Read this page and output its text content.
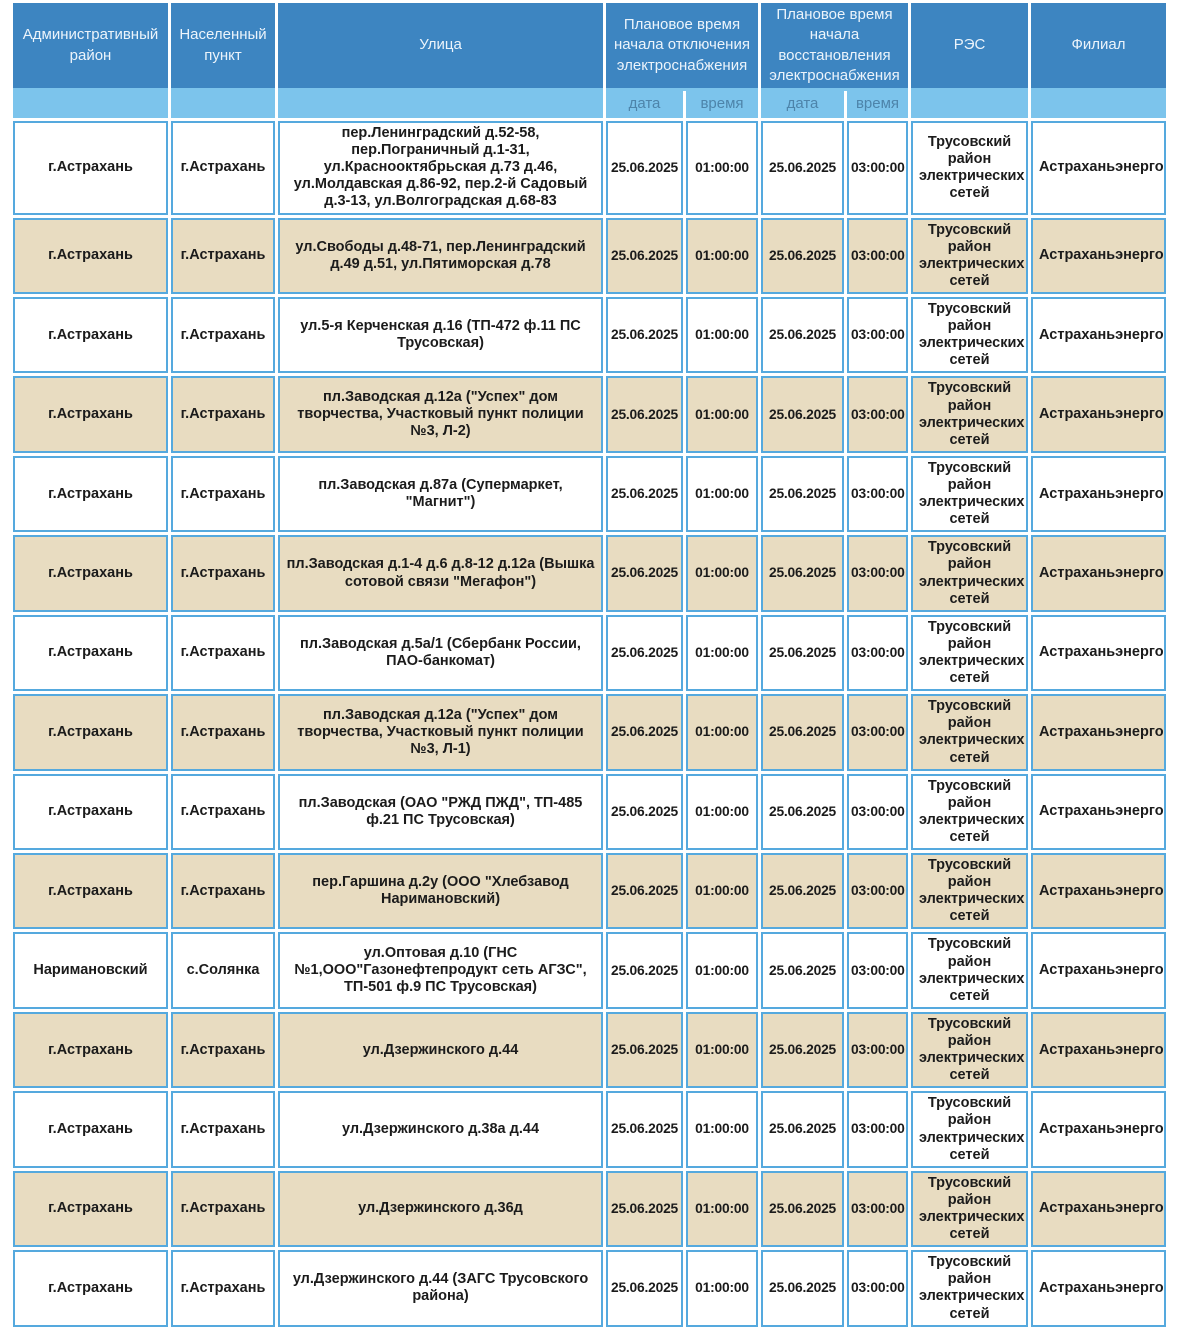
Административный район	Населенный пункт	Улица	Плановое время начала отключения электроснабжения		Плановое время начала восстановления электроснабжения		РЭС	Филиал
			дата	время	дата	время		
г.Астрахань	г.Астрахань	пер.Ленинградский д.52-58, пер.Пограничный д.1-31, ул.Краснооктябрьская д.73 д.46, ул.Молдавская д.86-92, пер.2-й Садовый д.3-13, ул.Волгоградская д.68-83	25.06.2025	01:00:00	25.06.2025	03:00:00	Трусовский район электрических сетей	Астраханьэнерго
г.Астрахань	г.Астрахань	ул.Свободы д.48-71, пер.Ленинградский д.49 д.51, ул.Пятиморская д.78	25.06.2025	01:00:00	25.06.2025	03:00:00	Трусовский район электрических сетей	Астраханьэнерго
г.Астрахань	г.Астрахань	ул.5-я Керченская д.16 (ТП-472 ф.11 ПС Трусовская)	25.06.2025	01:00:00	25.06.2025	03:00:00	Трусовский район электрических сетей	Астраханьэнерго
г.Астрахань	г.Астрахань	пл.Заводская д.12а ("Успех" дом творчества, Участковый пункт полиции №3, Л-2)	25.06.2025	01:00:00	25.06.2025	03:00:00	Трусовский район электрических сетей	Астраханьэнерго
г.Астрахань	г.Астрахань	пл.Заводская д.87а (Супермаркет, "Магнит")	25.06.2025	01:00:00	25.06.2025	03:00:00	Трусовский район электрических сетей	Астраханьэнерго
г.Астрахань	г.Астрахань	пл.Заводская д.1-4 д.6 д.8-12 д.12а (Вышка сотовой связи "Мегафон")	25.06.2025	01:00:00	25.06.2025	03:00:00	Трусовский район электрических сетей	Астраханьэнерго
г.Астрахань	г.Астрахань	пл.Заводская д.5а/1 (Сбербанк России, ПАО-банкомат)	25.06.2025	01:00:00	25.06.2025	03:00:00	Трусовский район электрических сетей	Астраханьэнерго
г.Астрахань	г.Астрахань	пл.Заводская д.12а ("Успех" дом творчества, Участковый пункт полиции №3, Л-1)	25.06.2025	01:00:00	25.06.2025	03:00:00	Трусовский район электрических сетей	Астраханьэнерго
г.Астрахань	г.Астрахань	пл.Заводская (ОАО "РЖД ПЖД", ТП-485 ф.21 ПС Трусовская)	25.06.2025	01:00:00	25.06.2025	03:00:00	Трусовский район электрических сетей	Астраханьэнерго
г.Астрахань	г.Астрахань	пер.Гаршина д.2у (ООО "Хлебзавод Наримановский)	25.06.2025	01:00:00	25.06.2025	03:00:00	Трусовский район электрических сетей	Астраханьэнерго
Наримановский	с.Солянка	ул.Оптовая д.10 (ГНС №1,ООО"Газонефтепродукт сеть АГЗС", ТП-501 ф.9 ПС Трусовская)	25.06.2025	01:00:00	25.06.2025	03:00:00	Трусовский район электрических сетей	Астраханьэнерго
г.Астрахань	г.Астрахань	ул.Дзержинского д.44	25.06.2025	01:00:00	25.06.2025	03:00:00	Трусовский район электрических сетей	Астраханьэнерго
г.Астрахань	г.Астрахань	ул.Дзержинского д.38а д.44	25.06.2025	01:00:00	25.06.2025	03:00:00	Трусовский район электрических сетей	Астраханьэнерго
г.Астрахань	г.Астрахань	ул.Дзержинского д.36д	25.06.2025	01:00:00	25.06.2025	03:00:00	Трусовский район электрических сетей	Астраханьэнерго
г.Астрахань	г.Астрахань	ул.Дзержинского д.44 (ЗАГС Трусовского района)	25.06.2025	01:00:00	25.06.2025	03:00:00	Трусовский район электрических сетей	Астраханьэнерго
